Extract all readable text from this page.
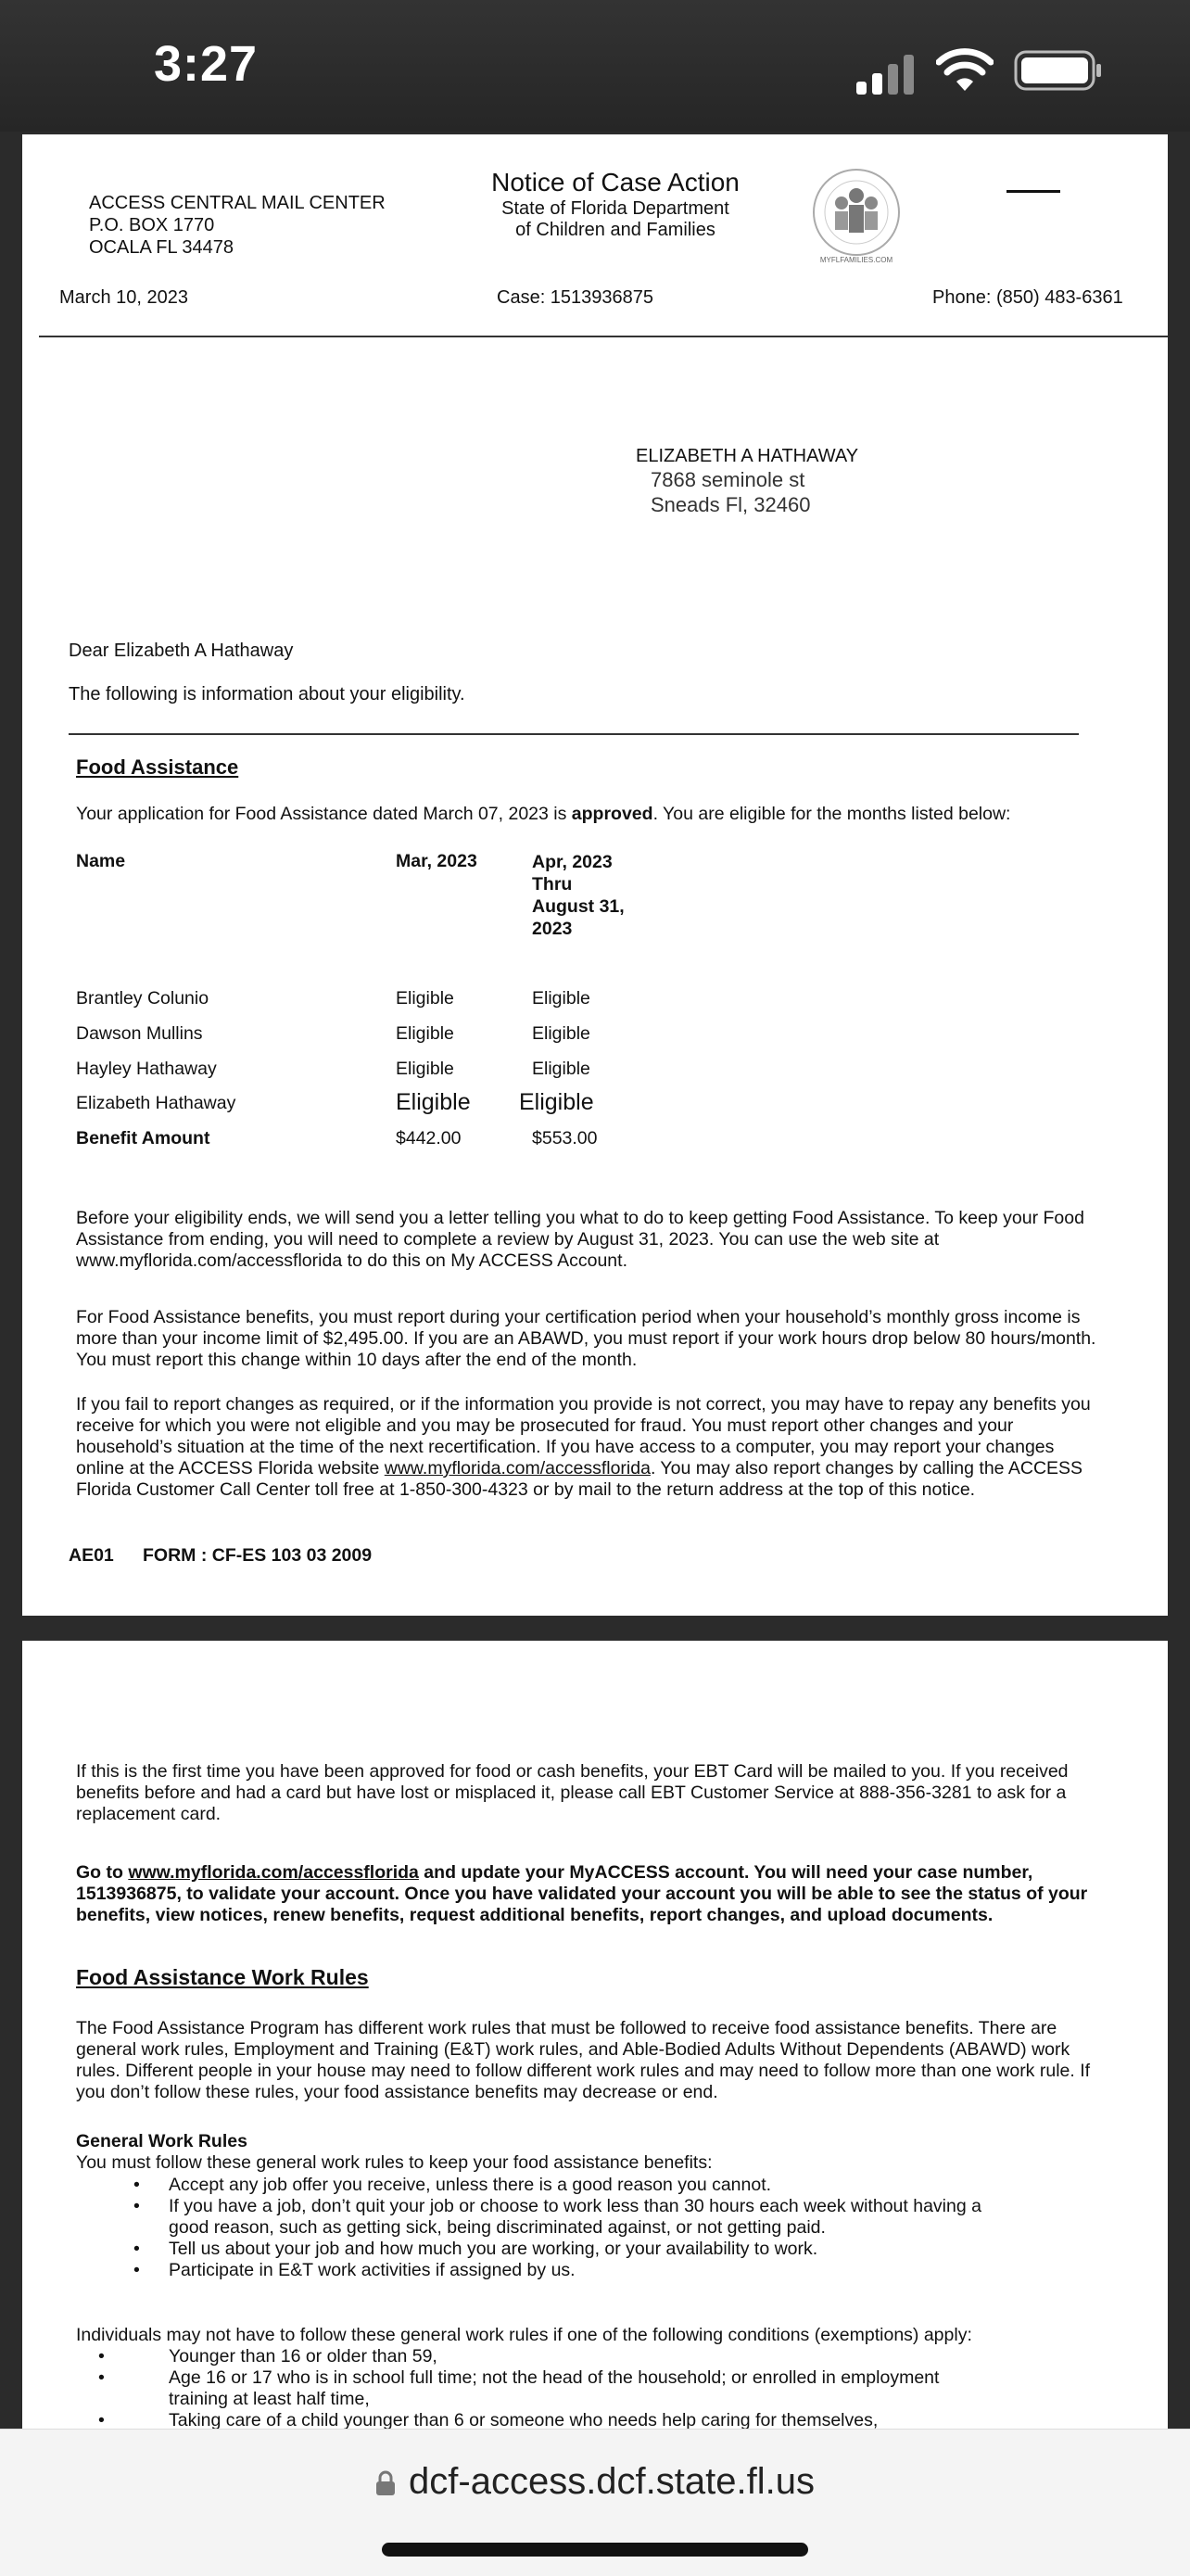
3:27
ACCESS CENTRAL MAIL CENTER
P.O. BOX 1770
OCALA FL 34478
Notice of Case Action
State of Florida Department
of Children and Families
MYFLFAMILIES.COM
March 10, 2023	Case: 1513936875	Phone: (850) 483-6361
ELIZABETH A HATHAWAY
7868 seminole st
Sneads Fl, 32460
Dear Elizabeth A Hathaway
The following is information about your eligibility.
Food Assistance
Your application for Food Assistance dated March 07, 2023 is approved. You are eligible for the months listed below:
Name	Mar, 2023	Apr, 2023
Thru
August 31,
2023
Brantley Colunio	Eligible	Eligible
Dawson Mullins	Eligible	Eligible
Hayley Hathaway	Eligible	Eligible
Elizabeth Hathaway	Eligible Eligible
Benefit Amount	$442.00	$553.00
Before your eligibility ends, we will send you a letter telling you what to do to keep getting Food Assistance. To keep your Food Assistance from ending, you will need to complete a review by August 31, 2023. You can use the web site at www.myflorida.com/accessflorida to do this on My ACCESS Account.
For Food Assistance benefits, you must report during your certification period when your household’s monthly gross income is more than your income limit of $2,495.00. If you are an ABAWD, you must report if your work hours drop below 80 hours/month. You must report this change within 10 days after the end of the month.
If you fail to report changes as required, or if the information you provide is not correct, you may have to repay any benefits you receive for which you were not eligible and you may be prosecuted for fraud. You must report other changes and your household’s situation at the time of the next recertification. If you have access to a computer, you may report your changes online at the ACCESS Florida website www.myflorida.com/accessflorida. You may also report changes by calling the ACCESS Florida Customer Call Center toll free at 1-850-300-4323 or by mail to the return address at the top of this notice.
AE01 FORM : CF-ES 103 03 2009
If this is the first time you have been approved for food or cash benefits, your EBT Card will be mailed to you. If you received benefits before and had a card but have lost or misplaced it, please call EBT Customer Service at 888-356-3281 to ask for a replacement card.
Go to www.myflorida.com/accessflorida and update your MyACCESS account. You will need your case number, 1513936875, to validate your account. Once you have validated your account you will be able to see the status of your benefits, view notices, renew benefits, request additional benefits, report changes, and upload documents.
Food Assistance Work Rules
The Food Assistance Program has different work rules that must be followed to receive food assistance benefits. There are general work rules, Employment and Training (E&T) work rules, and Able-Bodied Adults Without Dependents (ABAWD) work rules. Different people in your house may need to follow different work rules and may need to follow more than one work rule. If you don’t follow these rules, your food assistance benefits may decrease or end.
General Work Rules
You must follow these general work rules to keep your food assistance benefits:
• Accept any job offer you receive, unless there is a good reason you cannot.
• If you have a job, don’t quit your job or choose to work less than 30 hours each week without having a good reason, such as getting sick, being discriminated against, or not getting paid.
• Tell us about your job and how much you are working, or your availability to work.
• Participate in E&T work activities if assigned by us.
Individuals may not have to follow these general work rules if one of the following conditions (exemptions) apply:
• Younger than 16 or older than 59,
• Age 16 or 17 who is in school full time; not the head of the household; or enrolled in employment training at least half time,
• Taking care of a child younger than 6 or someone who needs help caring for themselves,
dcf-access.dcf.state.fl.us
